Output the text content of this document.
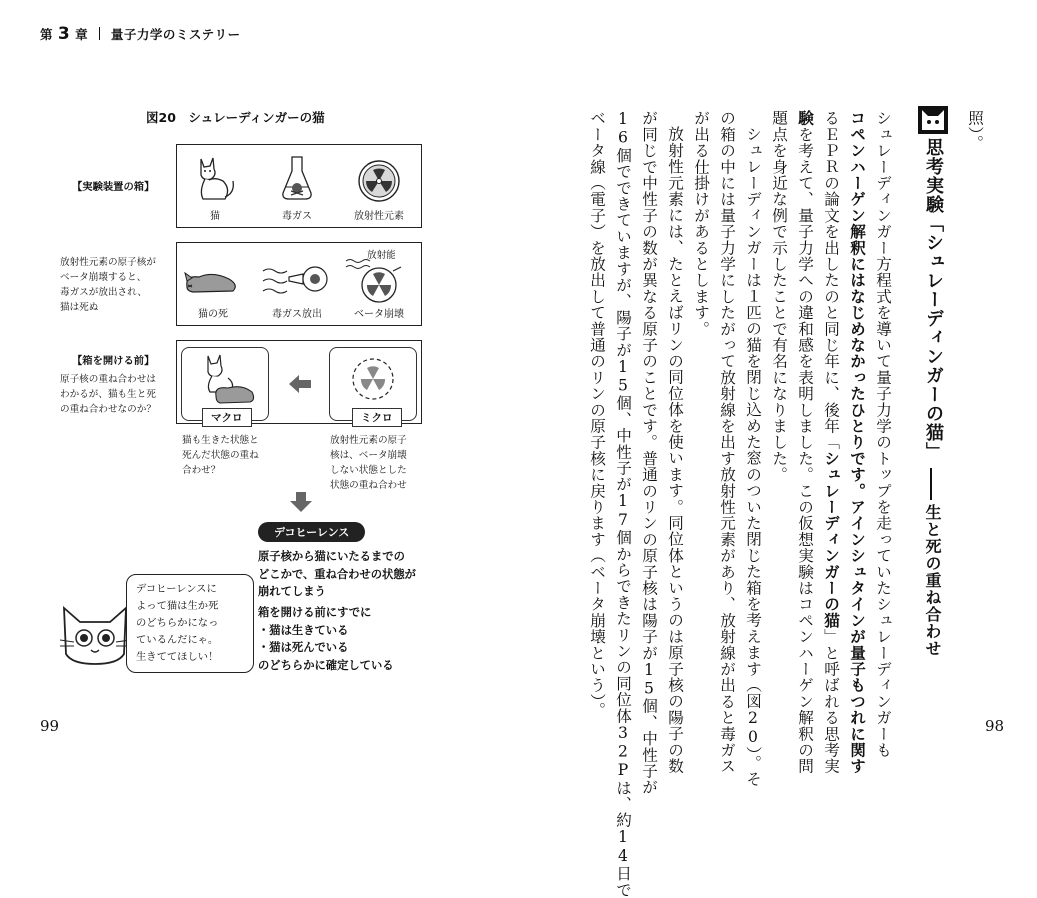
第 3 章 量子力学のミステリー
99	98
図20　シュレーディンガーの猫
【実験装置の箱】
猫	毒ガス	放射性元素
放射性元素の原子核が
ベータ崩壊すると、
毒ガスが放出され、
猫は死ぬ
放射能
猫の死	毒ガス放出	ベータ崩壊
【箱を開ける前】
原子核の重ね合わせは
わかるが、猫も生と死
の重ね合わせなのか？
マクロ	ミクロ
猫も生きた状態と
死んだ状態の重ね
合わせ？
放射性元素の原子
核は、ベータ崩壊
しない状態とした
状態の重ね合わせ
デコヒーレンス
原子核から猫にいたるまでの
どこかで、重ね合わせの状態が
崩れてしまう
箱を開ける前にすでに
・猫は生きている
・猫は死んでいる
のどちらかに確定している
デコヒーレンスに
よって猫は生か死
のどちらかになっ
ているんだにゃ。
生きててほしい！
照）。
思考実験「シュレーディンガーの猫」
生と死の重ね合わせ
シュレーディンガー方程式を導いて量子力学のトップを走っていたシュレーディンガーも
コペンハーゲン解釈にはなじめなかったひとりです。アインシュタインが量子もつれに関す
るＥＰＲの論文を出したのと同じ年に、後年「シュレーディンガーの猫」と呼ばれる思考実
験を考えて、量子力学への違和感を表明しました。この仮想実験はコペンハーゲン解釈の問
題点を身近な例で示したことで有名になりました。
シュレーディンガーは１匹の猫を閉じ込めた窓のついた閉じた箱を考えます（図20）。そ
の箱の中には量子力学にしたがって放射線を出す放射性元素があり、放射線が出ると毒ガス
が出る仕掛けがあるとします。
放射性元素には、たとえばリンの同位体を使います。同位体というのは原子核の陽子の数
が同じで中性子の数が異なる原子のことです。普通のリンの原子核は陽子が15個、中性子が
16個でできていますが、陽子が15個、中性子が17個からできたリンの同位体32Pは、約14日で
ベータ線（電子）を放出して普通のリンの原子核に戻ります（ベータ崩壊という）。
